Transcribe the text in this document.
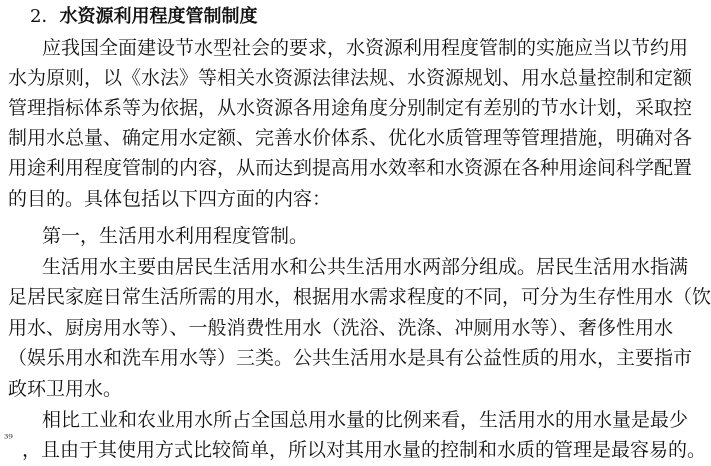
2．水资源利用程度管制制度
应我国全面建设节水型社会的要求，水资源利用程度管制的实施应当以节约用
水为原则，以《水法》等相关水资源法律法规、水资源规划、用水总量控制和定额
管理指标体系等为依据，从水资源各用途角度分别制定有差别的节水计划，采取控
制用水总量、确定用水定额、完善水价体系、优化水质管理等管理措施，明确对各
用途利用程度管制的内容，从而达到提高用水效率和水资源在各种用途间科学配置
的目的。具体包括以下四方面的内容：
第一，生活用水利用程度管制。
生活用水主要由居民生活用水和公共生活用水两部分组成。居民生活用水指满
足居民家庭日常生活所需的用水，根据用水需求程度的不同，可分为生存性用水（饮
用水、厨房用水等）、一般消费性用水（洗浴、洗涤、冲厕用水等）、奢侈性用水
（娱乐用水和洗车用水等）三类。公共生活用水是具有公益性质的用水，主要指市
政环卫用水。
相比工业和农业用水所占全国总用水量的比例来看，生活用水的用水量是最少
，且由于其使用方式比较简单，所以对其用水量的控制和水质的管理是最容易的。
³⁹
